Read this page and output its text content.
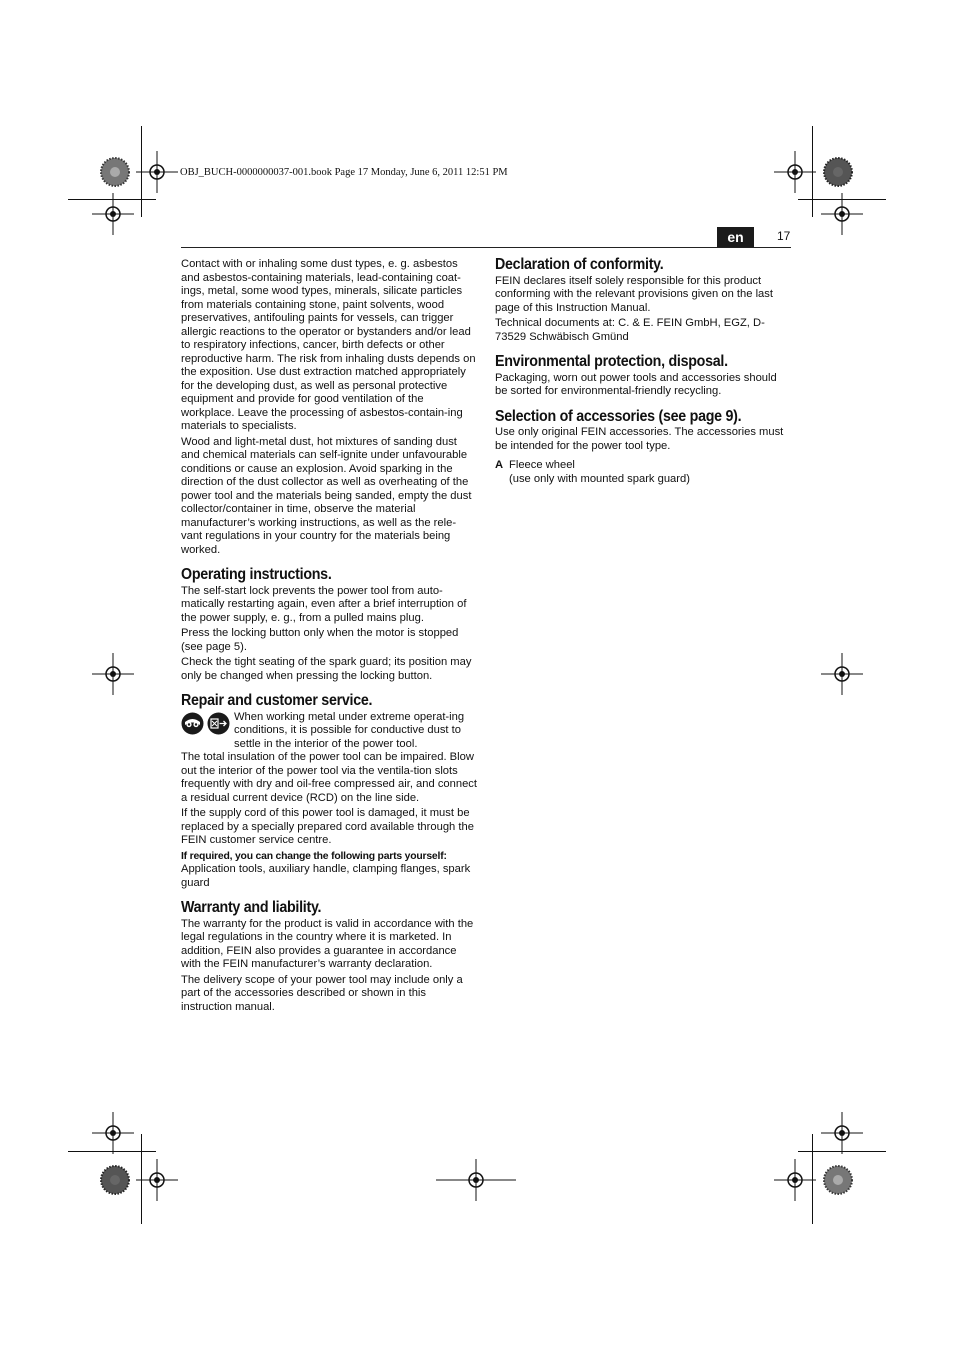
OBJ_BUCH-0000000037-001.book Page 17 Monday, June 6, 2011 12:51 PM
en	17

Contact with or inhaling some dust types, e. g. asbestos and asbestos-containing materials, lead-containing coat-ings, metal, some wood types, minerals, silicate particles from materials containing stone, paint solvents, wood preservatives, antifouling paints for vessels, can trigger allergic reactions to the operator or bystanders and/or lead to respiratory infections, cancer, birth defects or other reproductive harm. The risk from inhaling dusts depends on the exposition. Use dust extraction matched appropriately for the developing dust, as well as personal protective equipment and provide for good ventilation of the workplace. Leave the processing of asbestos-contain-ing materials to specialists.

Wood and light-metal dust, hot mixtures of sanding dust and chemical materials can self-ignite under unfavourable conditions or cause an explosion. Avoid sparking in the direction of the dust collector as well as overheating of the power tool and the materials being sanded, empty the dust collector/container in time, observe the material manufacturer’s working instructions, as well as the rele-vant regulations in your country for the materials being worked.

Operating instructions.

The self-start lock prevents the power tool from auto-matically restarting again, even after a brief interruption of the power supply, e. g., from a pulled mains plug.

Press the locking button only when the motor is stopped (see page 5).

Check the tight seating of the spark guard; its position may only be changed when pressing the locking button.

Repair and customer service.
When working metal under extreme operat-ing conditions, it is possible for conductive dust to settle in the interior of the power tool.

The total insulation of the power tool can be impaired. Blow out the interior of the power tool via the ventila-tion slots frequently with dry and oil-free compressed air, and connect a residual current device (RCD) on the line side.

If the supply cord of this power tool is damaged, it must be replaced by a specially prepared cord available through the FEIN customer service centre.

If required, you can change the following parts yourself:

Application tools, auxiliary handle, clamping flanges, spark guard

Warranty and liability.

The warranty for the product is valid in accordance with the legal regulations in the country where it is marketed. In addition, FEIN also provides a guarantee in accordance with the FEIN manufacturer’s warranty declaration.

The delivery scope of your power tool may include only a part of the accessories described or shown in this instruction manual.

Declaration of conformity.

FEIN declares itself solely responsible for this product conforming with the relevant provisions given on the last page of this Instruction Manual.

Technical documents at: C. & E. FEIN GmbH, EGZ, D-73529 Schwäbisch Gmünd

Environmental protection, disposal.

Packaging, worn out power tools and accessories should be sorted for environmental-friendly recycling.

Selection of accessories (see page 9).

Use only original FEIN accessories. The accessories must be intended for the power tool type.

A Fleece wheel
(use only with mounted spark guard)
